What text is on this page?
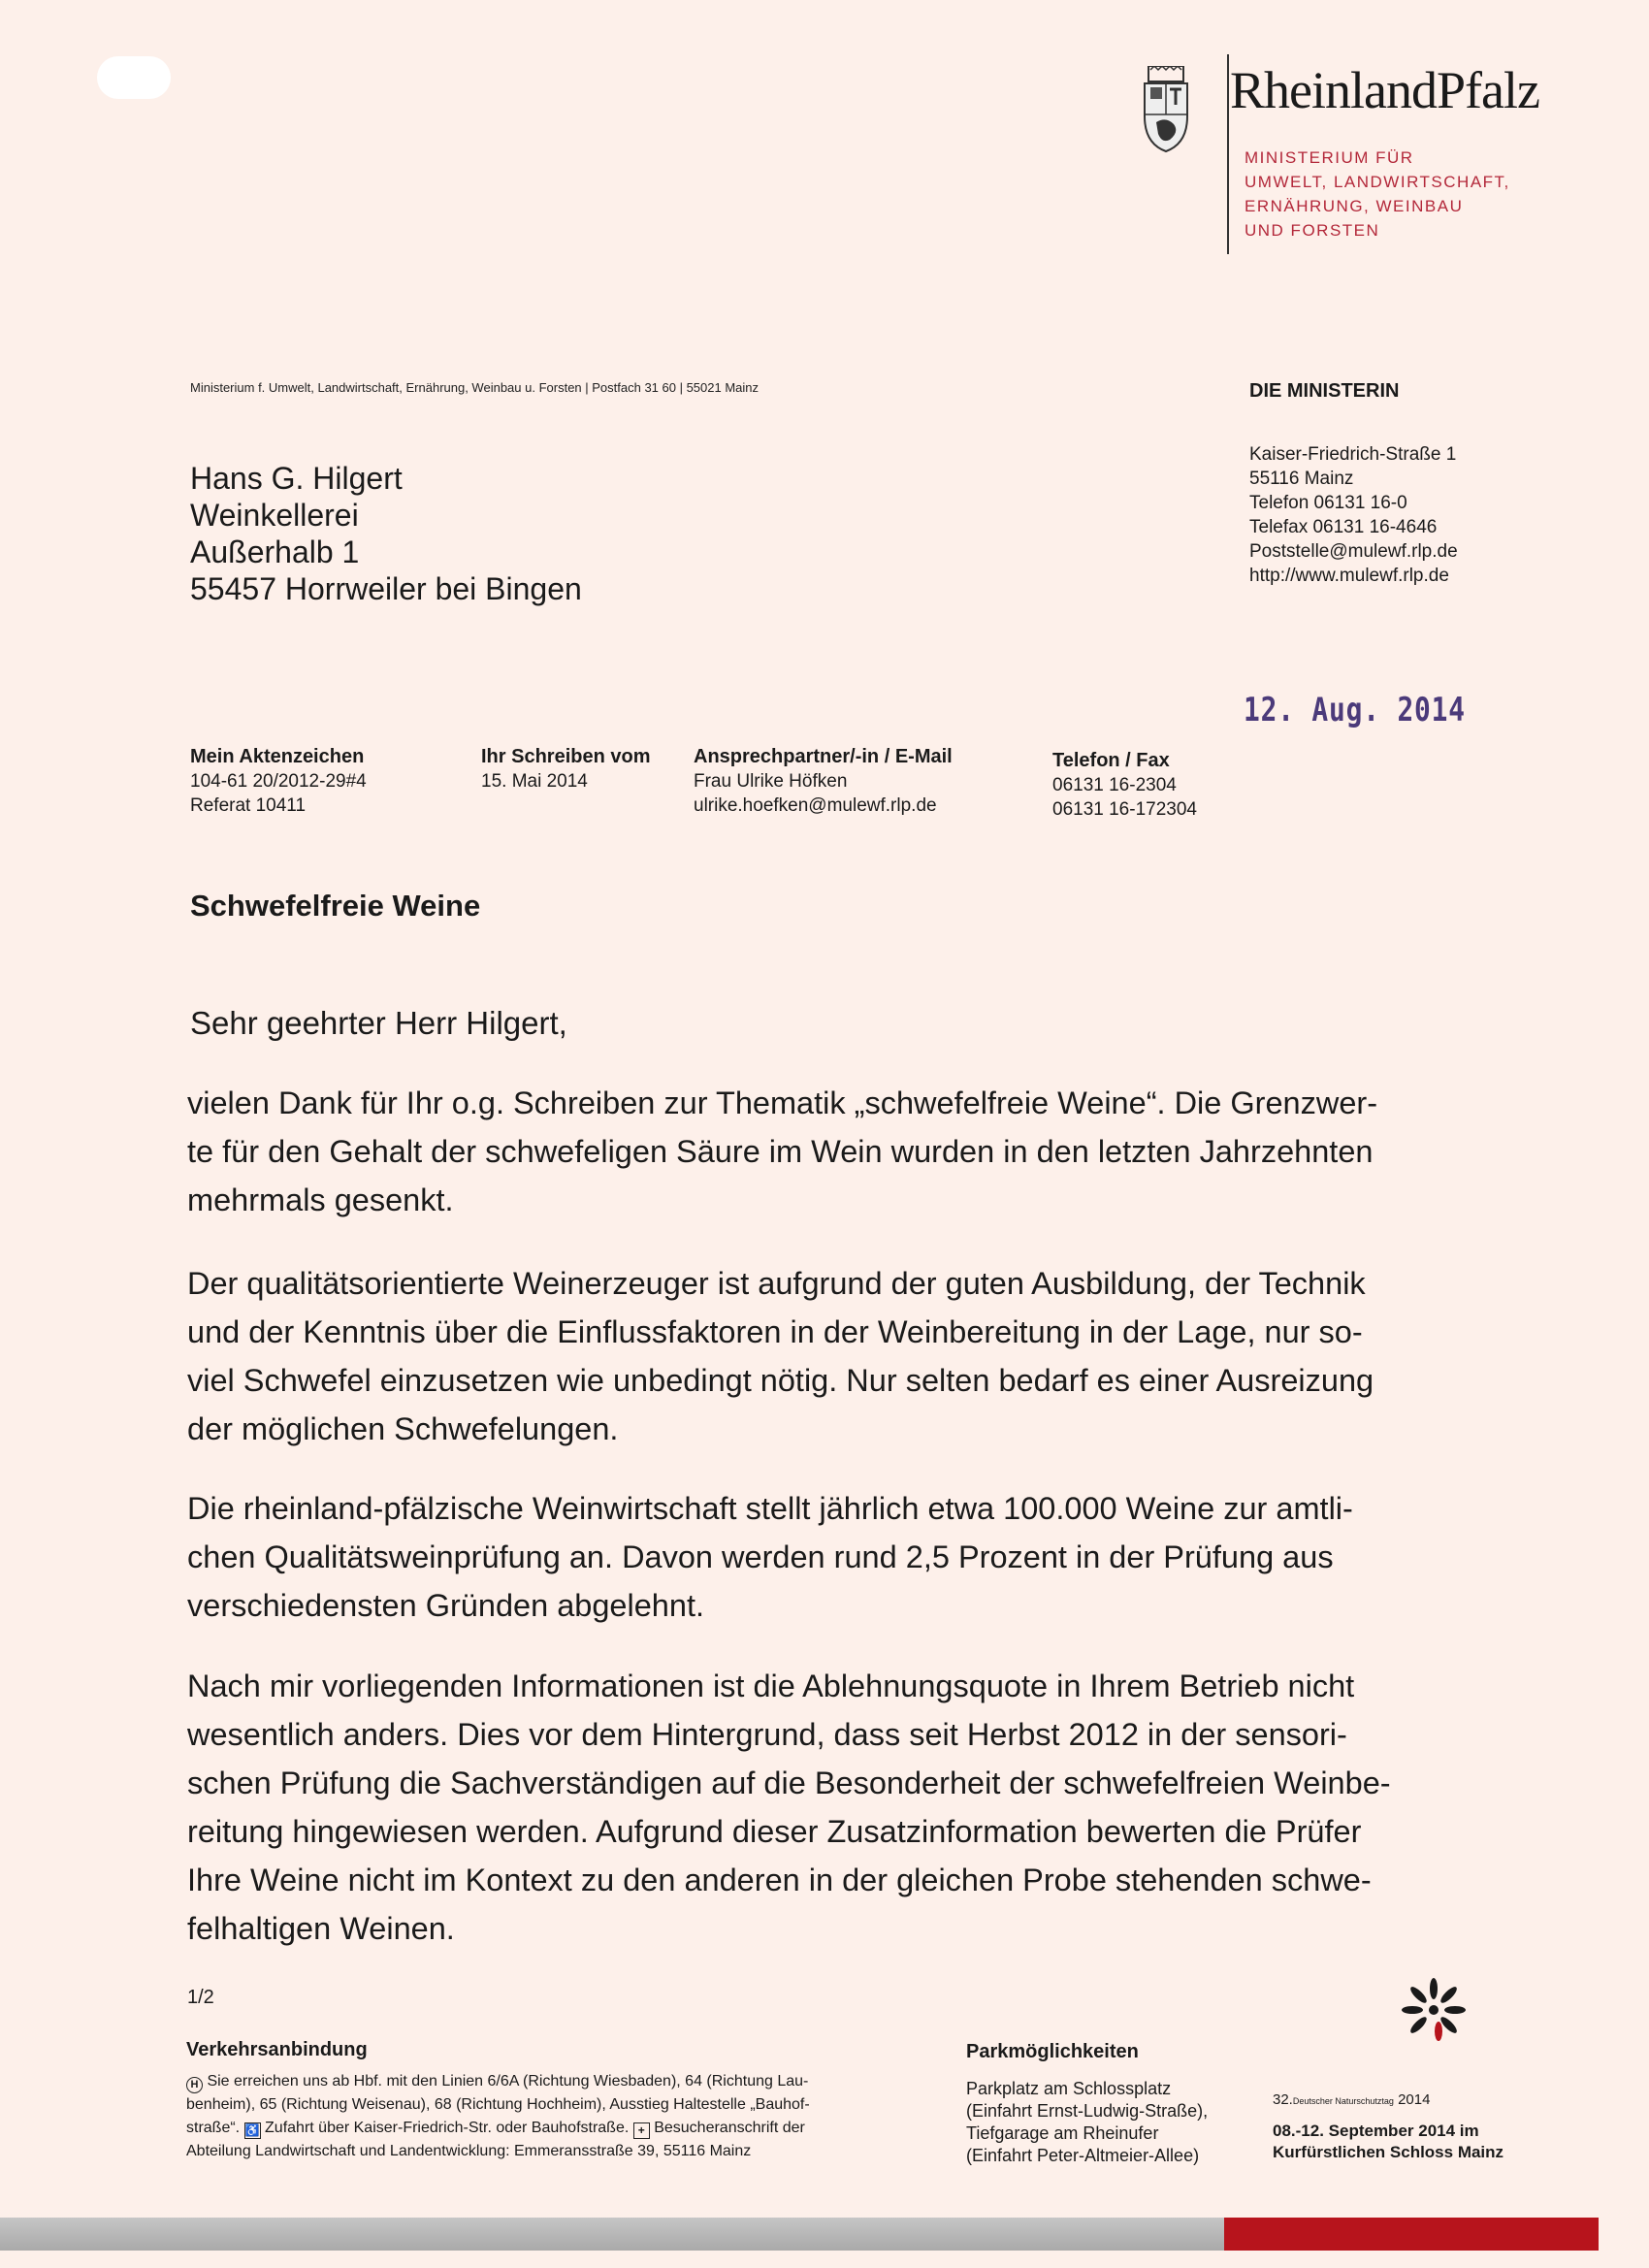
RheinlandPfalz
MINISTERIUM FÜR
UMWELT, LANDWIRTSCHAFT,
ERNÄHRUNG, WEINBAU
UND FORSTEN
Ministerium f. Umwelt, Landwirtschaft, Ernährung, Weinbau u. Forsten | Postfach 31 60 | 55021 Mainz	DIE MINISTERIN
Kaiser-Friedrich-Straße 1
55116 Mainz
Telefon 06131 16-0
Telefax 06131 16-4646
Poststelle@mulewf.rlp.de
http://www.mulewf.rlp.de
Hans G. Hilgert
Weinkellerei
Außerhalb 1
55457 Horrweiler bei Bingen
12. Aug. 2014
Mein Aktenzeichen
104-61 20/2012-29#4
Referat 10411
Ihr Schreiben vom
15. Mai 2014
Ansprechpartner/-in / E-Mail
Frau Ulrike Höfken
ulrike.hoefken@mulewf.rlp.de
Telefon / Fax
06131 16-2304
06131 16-172304
Schwefelfreie Weine
Sehr geehrter Herr Hilgert,
vielen Dank für Ihr o.g. Schreiben zur Thematik „schwefelfreie Weine“. Die Grenzwer-
te für den Gehalt der schwefeligen Säure im Wein wurden in den letzten Jahrzehnten
mehrmals gesenkt.
Der qualitätsorientierte Weinerzeuger ist aufgrund der guten Ausbildung, der Technik
und der Kenntnis über die Einflussfaktoren in der Weinbereitung in der Lage, nur so-
viel Schwefel einzusetzen wie unbedingt nötig. Nur selten bedarf es einer Ausreizung
der möglichen Schwefelungen.
Die rheinland-pfälzische Weinwirtschaft stellt jährlich etwa 100.000 Weine zur amtli-
chen Qualitätsweinprüfung an. Davon werden rund 2,5 Prozent in der Prüfung aus
verschiedensten Gründen abgelehnt.
Nach mir vorliegenden Informationen ist die Ablehnungsquote in Ihrem Betrieb nicht
wesentlich anders. Dies vor dem Hintergrund, dass seit Herbst 2012 in der sensori-
schen Prüfung die Sachverständigen auf die Besonderheit der schwefelfreien Weinbe-
reitung hingewiesen werden. Aufgrund dieser Zusatzinformation bewerten die Prüfer
Ihre Weine nicht im Kontext zu den anderen in der gleichen Probe stehenden schwe-
felhaltigen Weinen.
1/2
Verkehrsanbindung
H Sie erreichen uns ab Hbf. mit den Linien 6/6A (Richtung Wiesbaden), 64 (Richtung Lau-
benheim), 65 (Richtung Weisenau), 68 (Richtung Hochheim), Ausstieg Haltestelle „Bauhof-
straße“. ♿ Zufahrt über Kaiser-Friedrich-Str. oder Bauhofstraße. + Besucheranschrift der
Abteilung Landwirtschaft und Landentwicklung: Emmeransstraße 39, 55116 Mainz
Parkmöglichkeiten
Parkplatz am Schlossplatz
(Einfahrt Ernst-Ludwig-Straße),
Tiefgarage am Rheinufer
(Einfahrt Peter-Altmeier-Allee)
32.Deutscher Naturschutztag 2014
08.-12. September 2014 im
Kurfürstlichen Schloss Mainz
